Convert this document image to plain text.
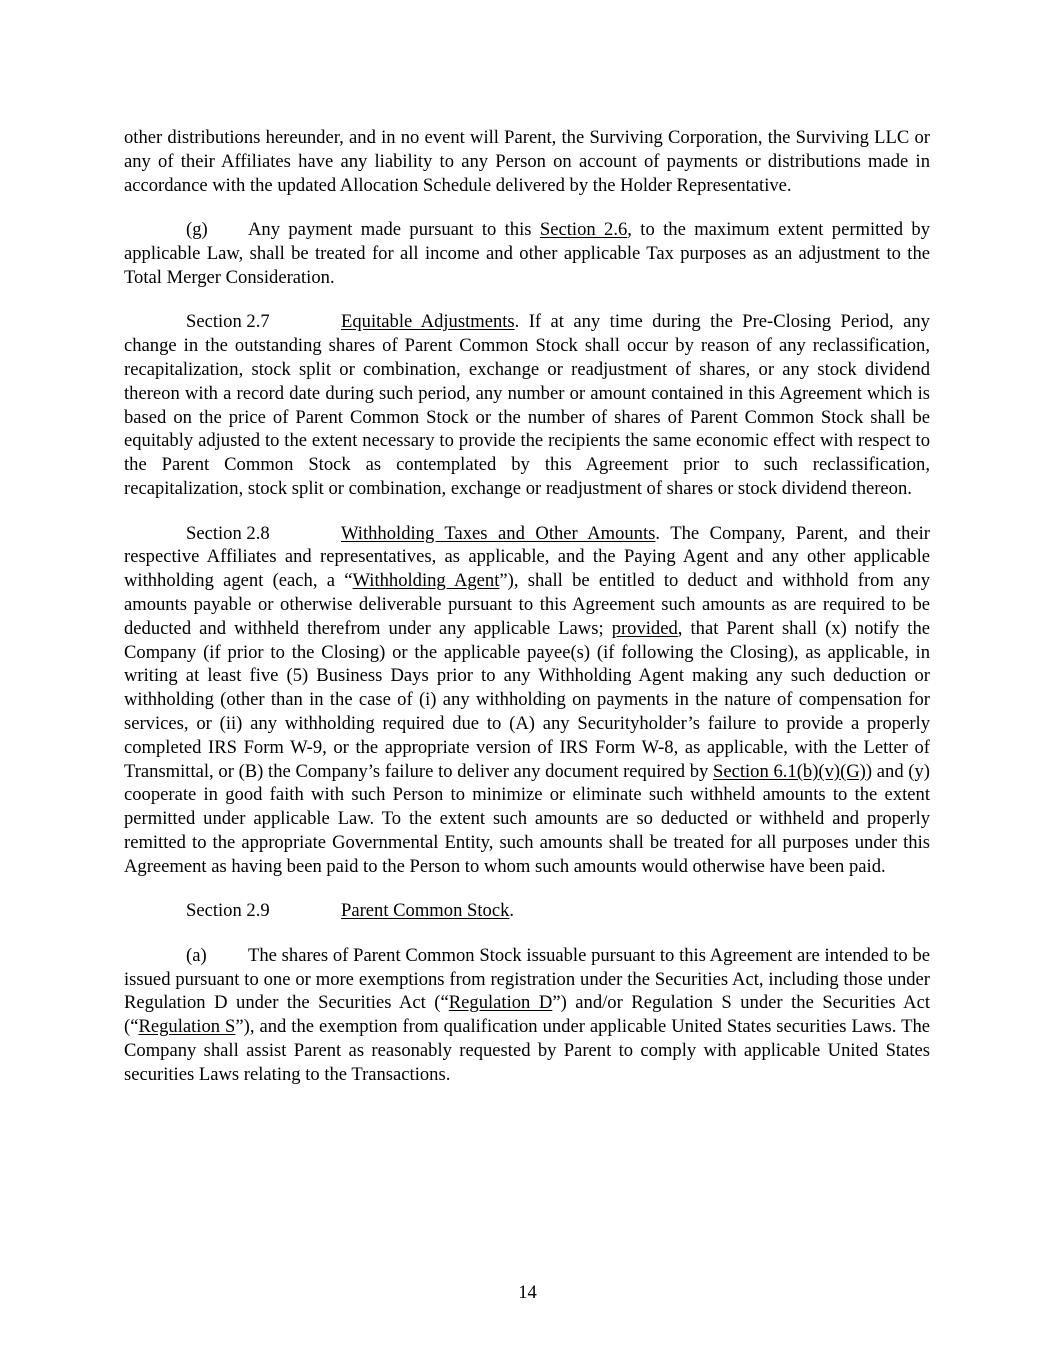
other distributions hereunder, and in no event will Parent, the Surviving Corporation, the Surviving LLC or any of their Affiliates have any liability to any Person on account of payments or distributions made in accordance with the updated Allocation Schedule delivered by the Holder Representative.

(g) Any payment made pursuant to this Section 2.6, to the maximum extent permitted by applicable Law, shall be treated for all income and other applicable Tax purposes as an adjustment to the Total Merger Consideration.

Section 2.7	Equitable Adjustments. If at any time during the Pre-Closing Period, any change in the outstanding shares of Parent Common Stock shall occur by reason of any reclassification, recapitalization, stock split or combination, exchange or readjustment of shares, or any stock dividend thereon with a record date during such period, any number or amount contained in this Agreement which is based on the price of Parent Common Stock or the number of shares of Parent Common Stock shall be equitably adjusted to the extent necessary to provide the recipients the same economic effect with respect to the Parent Common Stock as contemplated by this Agreement prior to such reclassification, recapitalization, stock split or combination, exchange or readjustment of shares or stock dividend thereon.

Section 2.8	Withholding Taxes and Other Amounts. The Company, Parent, and their respective Affiliates and representatives, as applicable, and the Paying Agent and any other applicable withholding agent (each, a “Withholding Agent”), shall be entitled to deduct and withhold from any amounts payable or otherwise deliverable pursuant to this Agreement such amounts as are required to be deducted and withheld therefrom under any applicable Laws; provided, that Parent shall (x) notify the Company (if prior to the Closing) or the applicable payee(s) (if following the Closing), as applicable, in writing at least five (5) Business Days prior to any Withholding Agent making any such deduction or withholding (other than in the case of (i) any withholding on payments in the nature of compensation for services, or (ii) any withholding required due to (A) any Securityholder’s failure to provide a properly completed IRS Form W-9, or the appropriate version of IRS Form W-8, as applicable, with the Letter of Transmittal, or (B) the Company’s failure to deliver any document required by Section 6.1(b)(v)(G)) and (y) cooperate in good faith with such Person to minimize or eliminate such withheld amounts to the extent permitted under applicable Law. To the extent such amounts are so deducted or withheld and properly remitted to the appropriate Governmental Entity, such amounts shall be treated for all purposes under this Agreement as having been paid to the Person to whom such amounts would otherwise have been paid.

Section 2.9	Parent Common Stock.

(a) The shares of Parent Common Stock issuable pursuant to this Agreement are intended to be issued pursuant to one or more exemptions from registration under the Securities Act, including those under Regulation D under the Securities Act (“Regulation D”) and/or Regulation S under the Securities Act (“Regulation S”), and the exemption from qualification under applicable United States securities Laws. The Company shall assist Parent as reasonably requested by Parent to comply with applicable United States securities Laws relating to the Transactions.

14
